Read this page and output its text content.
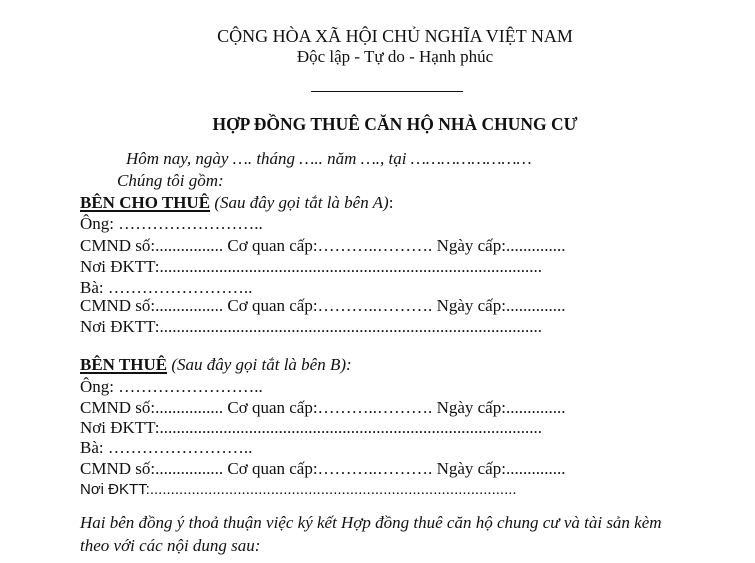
CỘNG HÒA XÃ HỘI CHỦ NGHĨA VIỆT NAM
Độc lập - Tự do - Hạnh phúc
HỢP ĐỒNG THUÊ CĂN HỘ NHÀ CHUNG CƯ
Hôm nay, ngày …. tháng ….. năm …., tại ……………………
Chúng tôi gồm:
BÊN CHO THUÊ (Sau đây gọi tắt là bên A):
Ông: ……………………..
CMND số:................ Cơ quan cấp:………..………. Ngày cấp:..............
Nơi ĐKTT:..........................................................................................
Bà: ……………………..
CMND số:................ Cơ quan cấp:………..………. Ngày cấp:..............
Nơi ĐKTT:..........................................................................................
BÊN THUÊ (Sau đây gọi tắt là bên B):
Ông: ……………………..
CMND số:................ Cơ quan cấp:………..………. Ngày cấp:..............
Nơi ĐKTT:..........................................................................................
Bà: ……………………..
CMND số:................ Cơ quan cấp:………..………. Ngày cấp:..............
Nơi ĐKTT:........................................................................................
Hai bên đồng ý thoả thuận việc ký kết Hợp đồng thuê căn hộ chung cư và tài sản kèm
theo với các nội dung sau:
